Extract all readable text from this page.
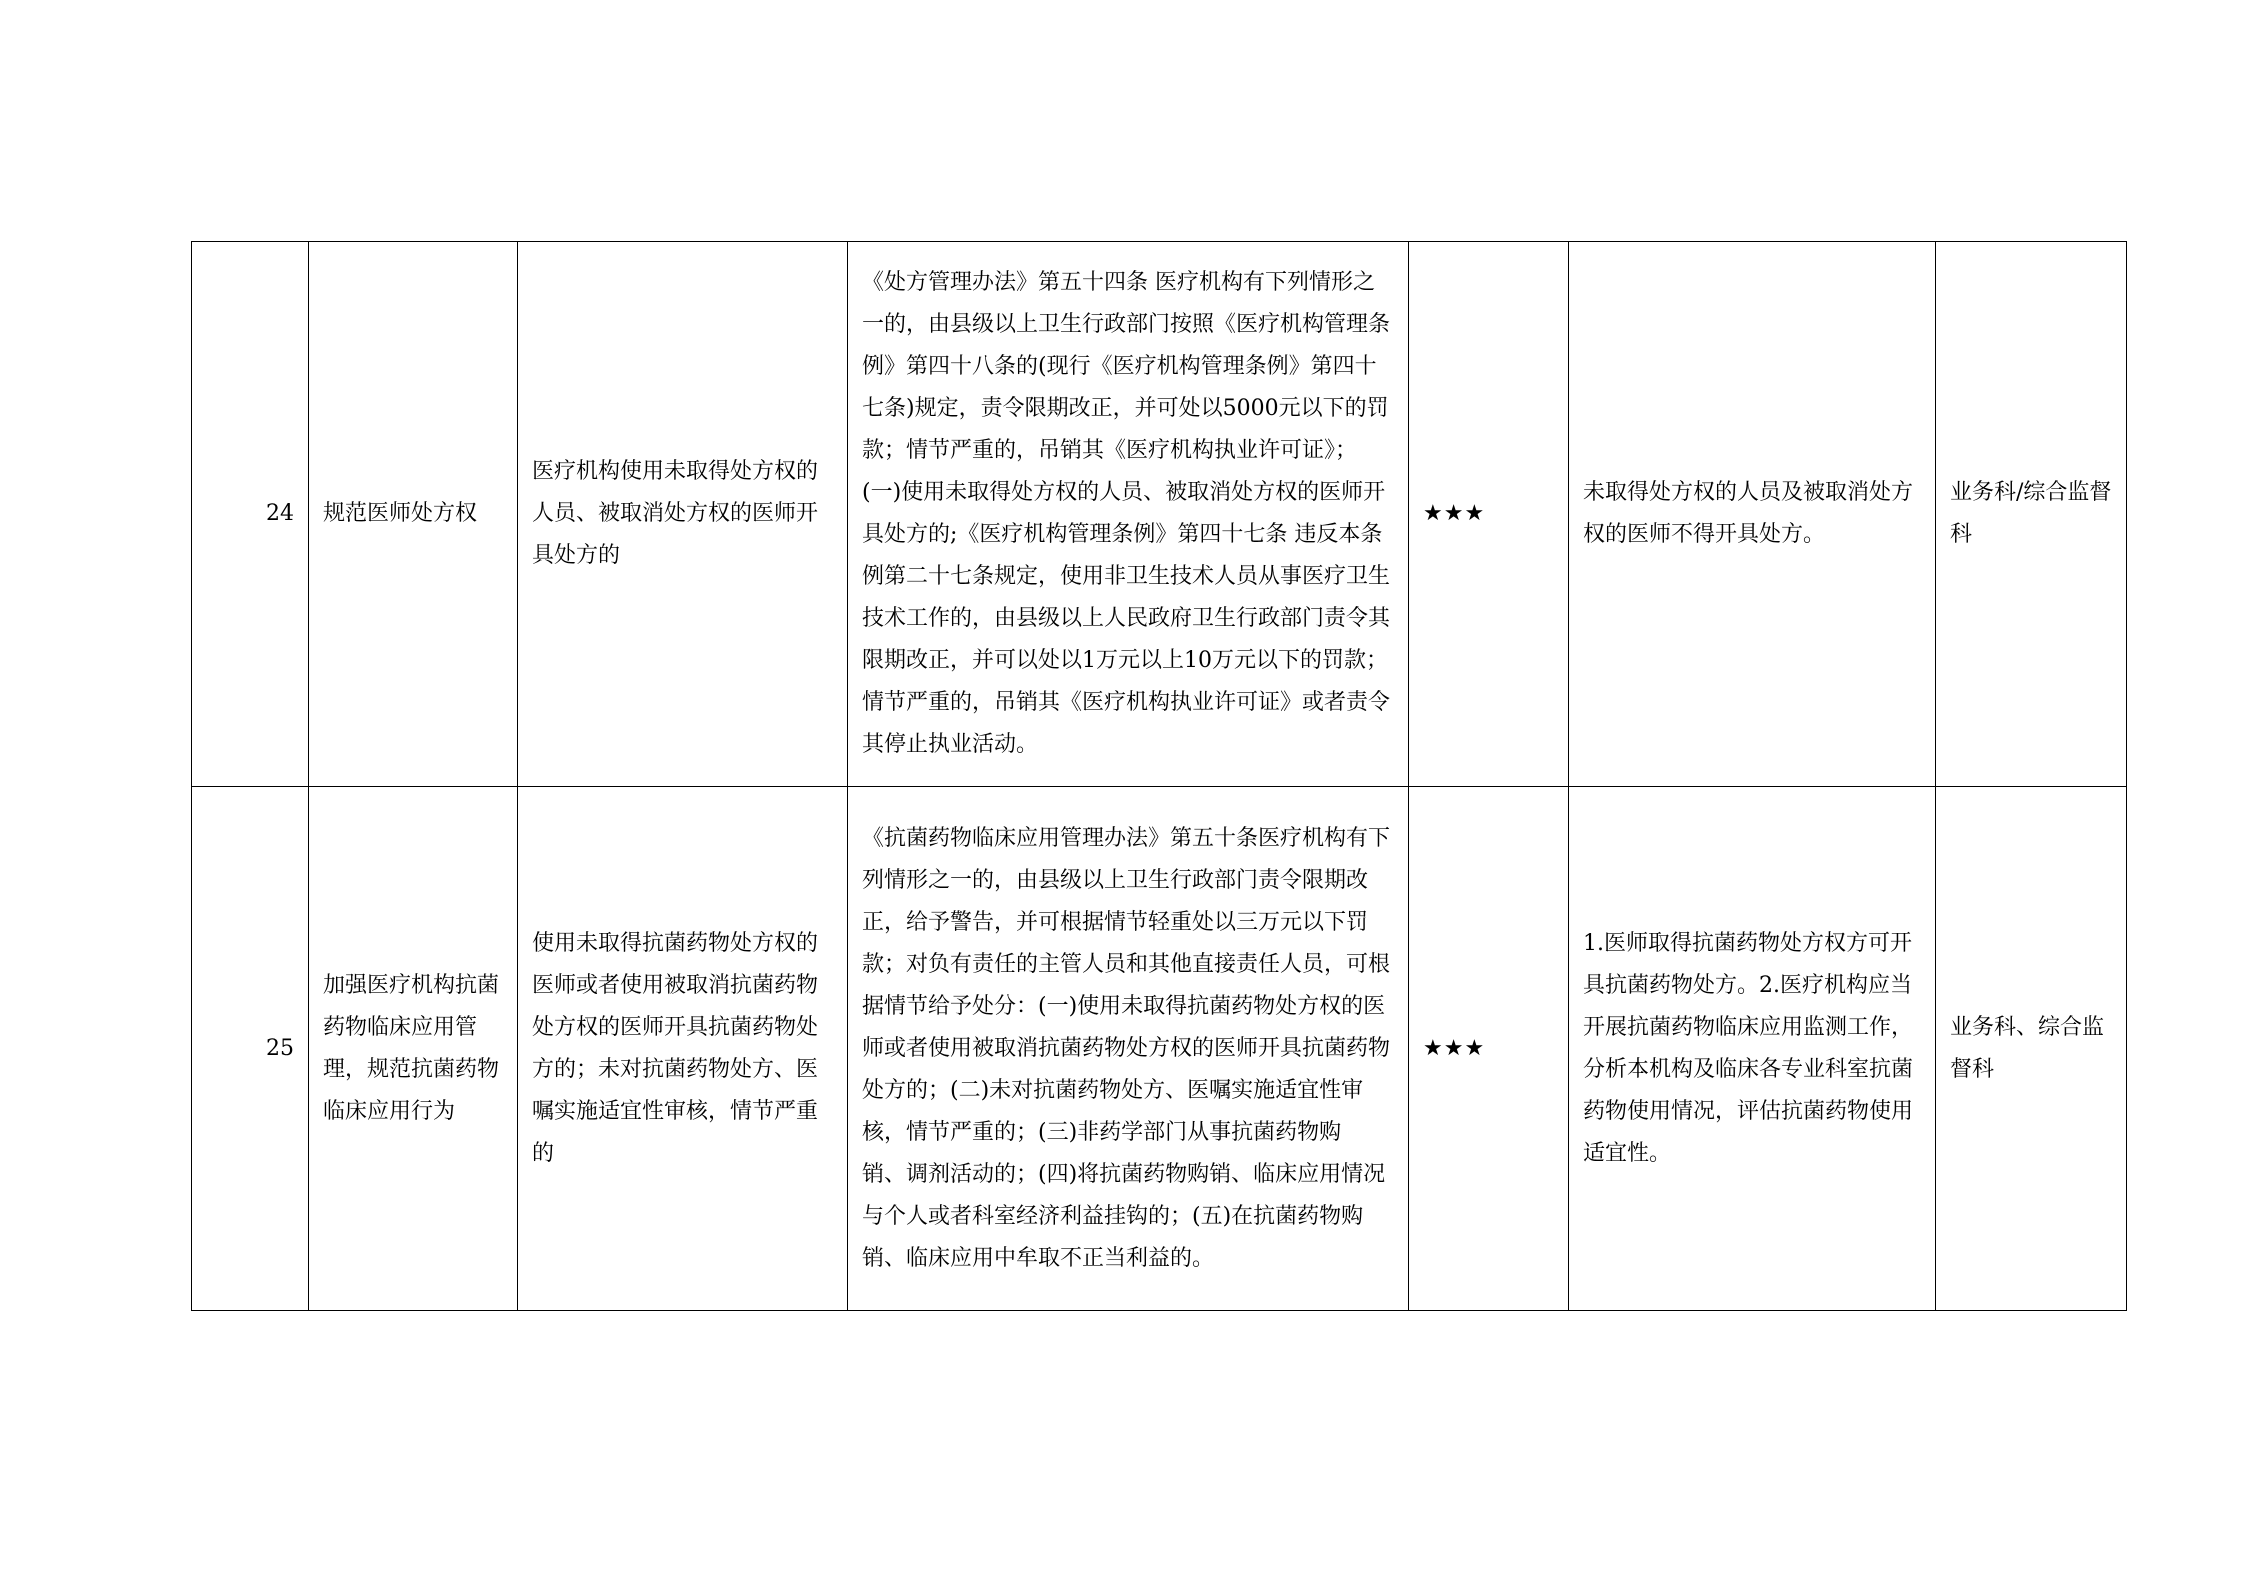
24	规范医师处方权	医疗机构使用未取得处方权的人员、被取消处方权的医师开具处方的	《处方管理办法》第五十四条 医疗机构有下列情形之一的，由县级以上卫生行政部门按照《医疗机构管理条例》第四十八条的(现行《医疗机构管理条例》第四十七条)规定，责令限期改正，并可处以5000元以下的罚款；情节严重的，吊销其《医疗机构执业许可证》；
(一)使用未取得处方权的人员、被取消处方权的医师开具处方的;《医疗机构管理条例》第四十七条 违反本条例第二十七条规定，使用非卫生技术人员从事医疗卫生技术工作的，由县级以上人民政府卫生行政部门责令其限期改正，并可以处以1万元以上10万元以下的罚款；情节严重的，吊销其《医疗机构执业许可证》或者责令其停止执业活动。	★★★	未取得处方权的人员及被取消处方权的医师不得开具处方。	业务科/综合监督科
25	加强医疗机构抗菌药物临床应用管理，规范抗菌药物临床应用行为	使用未取得抗菌药物处方权的医师或者使用被取消抗菌药物处方权的医师开具抗菌药物处方的；未对抗菌药物处方、医嘱实施适宜性审核，情节严重的	《抗菌药物临床应用管理办法》第五十条医疗机构有下列情形之一的，由县级以上卫生行政部门责令限期改正，给予警告，并可根据情节轻重处以三万元以下罚款；对负有责任的主管人员和其他直接责任人员，可根据情节给予处分：(一)使用未取得抗菌药物处方权的医师或者使用被取消抗菌药物处方权的医师开具抗菌药物处方的；(二)未对抗菌药物处方、医嘱实施适宜性审核，情节严重的；(三)非药学部门从事抗菌药物购
销、调剂活动的；(四)将抗菌药物购销、临床应用情况与个人或者科室经济利益挂钩的；(五)在抗菌药物购销、临床应用中牟取不正当利益的。	★★★	1.医师取得抗菌药物处方权方可开具抗菌药物处方。2.医疗机构应当开展抗菌药物临床应用监测工作，分析本机构及临床各专业科室抗菌药物使用情况，评估抗菌药物使用适宜性。	业务科、综合监督科
